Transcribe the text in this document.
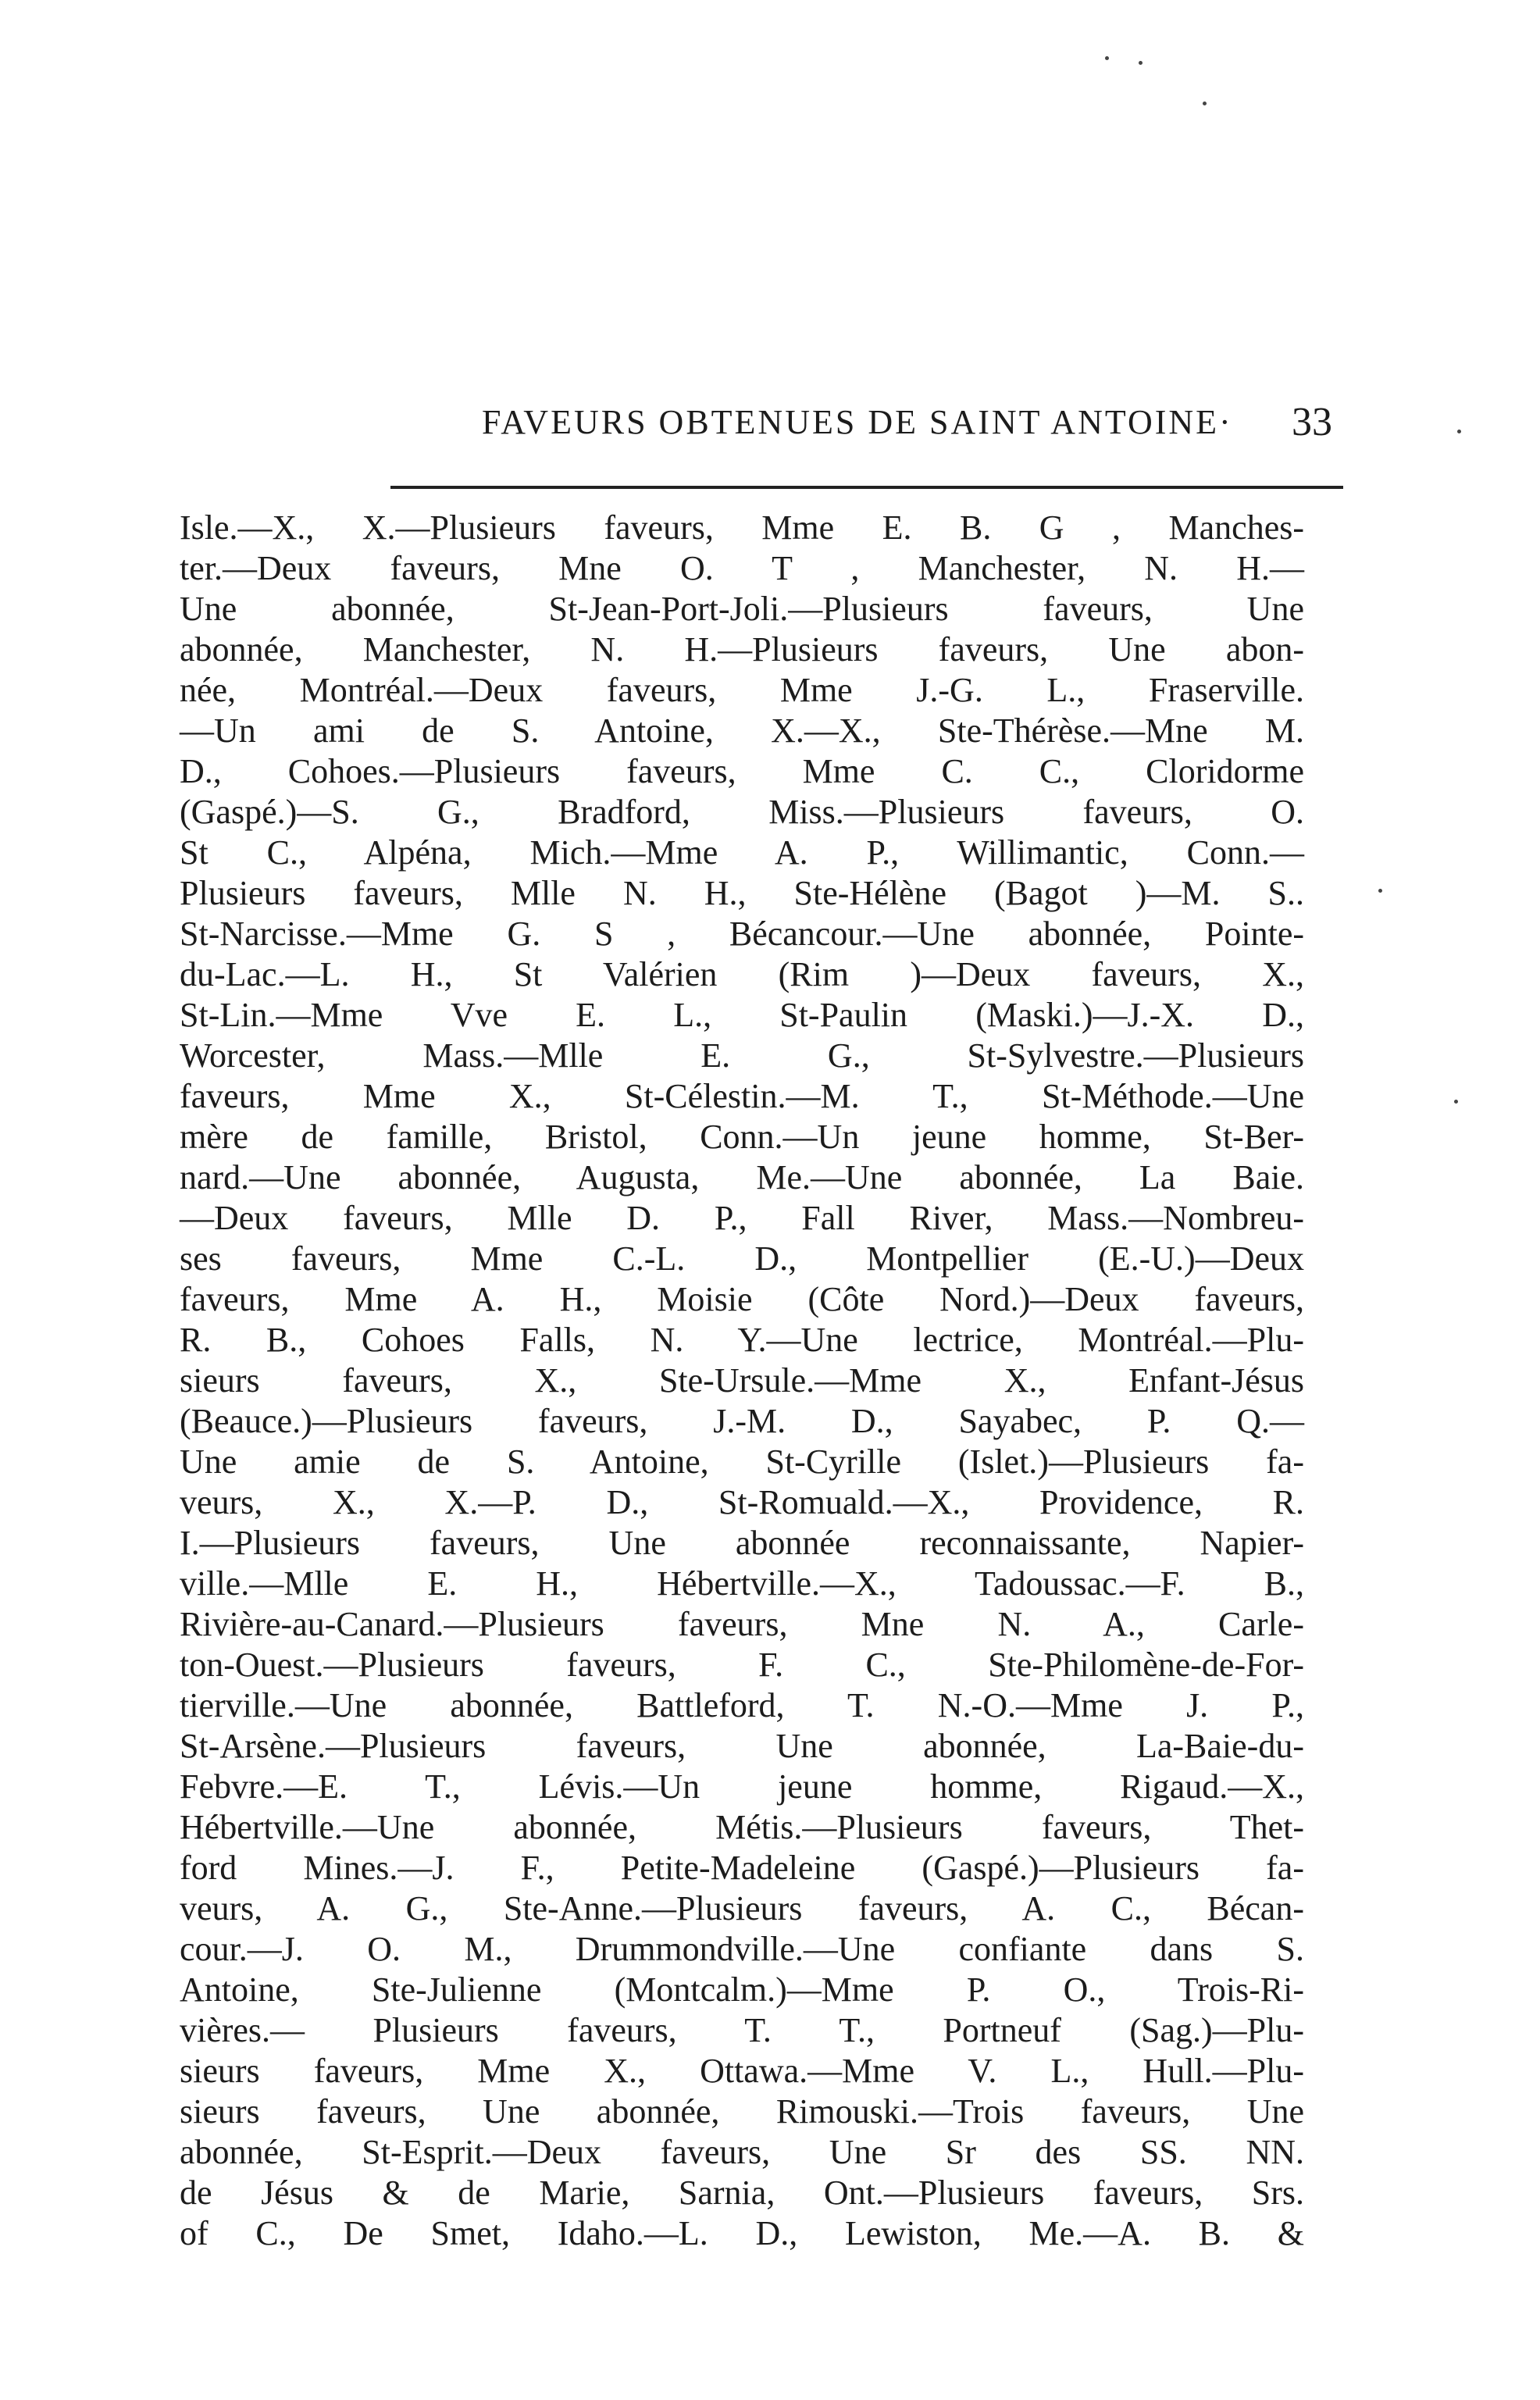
FAVEURS OBTENUES DE SAINT ANTOINE· 33
Isle.—X., X.—Plusieurs faveurs, Mme E. B. G , Manches-
ter.—Deux faveurs, Mne O. T , Manchester, N. H.—
Une abonnée, St-Jean-Port-Joli.—Plusieurs faveurs, Une
abonnée, Manchester, N. H.—Plusieurs faveurs, Une abon-
née, Montréal.—Deux faveurs, Mme J.-G. L., Fraserville.
—Un ami de S. Antoine, X.—X., Ste-Thérèse.—Mne M.
D., Cohoes.—Plusieurs faveurs, Mme C. C., Cloridorme
(Gaspé.)—S. G., Bradford, Miss.—Plusieurs faveurs, O.
St C., Alpéna, Mich.—Mme A. P., Willimantic, Conn.—
Plusieurs faveurs, Mlle N. H., Ste-Hélène (Bagot )—M. S..
St-Narcisse.—Mme G. S , Bécancour.—Une abonnée, Pointe-
du-Lac.—L. H., St Valérien (Rim )—Deux faveurs, X.,
St-Lin.—Mme Vve E. L., St-Paulin (Maski.)—J.-X. D.,
Worcester, Mass.—Mlle E. G., St-Sylvestre.—Plusieurs
faveurs, Mme X., St-Célestin.—M. T., St-Méthode.—Une
mère de famille, Bristol, Conn.—Un jeune homme, St-Ber-
nard.—Une abonnée, Augusta, Me.—Une abonnée, La Baie.
—Deux faveurs, Mlle D. P., Fall River, Mass.—Nombreu-
ses faveurs, Mme C.-L. D., Montpellier (E.-U.)—Deux
faveurs, Mme A. H., Moisie (Côte Nord.)—Deux faveurs,
R. B., Cohoes Falls, N. Y.—Une lectrice, Montréal.—Plu-
sieurs faveurs, X., Ste-Ursule.—Mme X., Enfant-Jésus
(Beauce.)—Plusieurs faveurs, J.-M. D., Sayabec, P. Q.—
Une amie de S. Antoine, St-Cyrille (Islet.)—Plusieurs fa-
veurs, X., X.—P. D., St-Romuald.—X., Providence, R.
I.—Plusieurs faveurs, Une abonnée reconnaissante, Napier-
ville.—Mlle E. H., Hébertville.—X., Tadoussac.—F. B.,
Rivière-au-Canard.—Plusieurs faveurs, Mne N. A., Carle-
ton-Ouest.—Plusieurs faveurs, F. C., Ste-Philomène-de-For-
tierville.—Une abonnée, Battleford, T. N.-O.—Mme J. P.,
St-Arsène.—Plusieurs faveurs, Une abonnée, La-Baie-du-
Febvre.—E. T., Lévis.—Un jeune homme, Rigaud.—X.,
Hébertville.—Une abonnée, Métis.—Plusieurs faveurs, Thet-
ford Mines.—J. F., Petite-Madeleine (Gaspé.)—Plusieurs fa-
veurs, A. G., Ste-Anne.—Plusieurs faveurs, A. C., Bécan-
cour.—J. O. M., Drummondville.—Une confiante dans S.
Antoine, Ste-Julienne (Montcalm.)—Mme P. O., Trois-Ri-
vières.— Plusieurs faveurs, T. T., Portneuf (Sag.)—Plu-
sieurs faveurs, Mme X., Ottawa.—Mme V. L., Hull.—Plu-
sieurs faveurs, Une abonnée, Rimouski.—Trois faveurs, Une
abonnée, St-Esprit.—Deux faveurs, Une Sr des SS. NN.
de Jésus & de Marie, Sarnia, Ont.—Plusieurs faveurs, Srs.
of C., De Smet, Idaho.—L. D., Lewiston, Me.—A. B. &
